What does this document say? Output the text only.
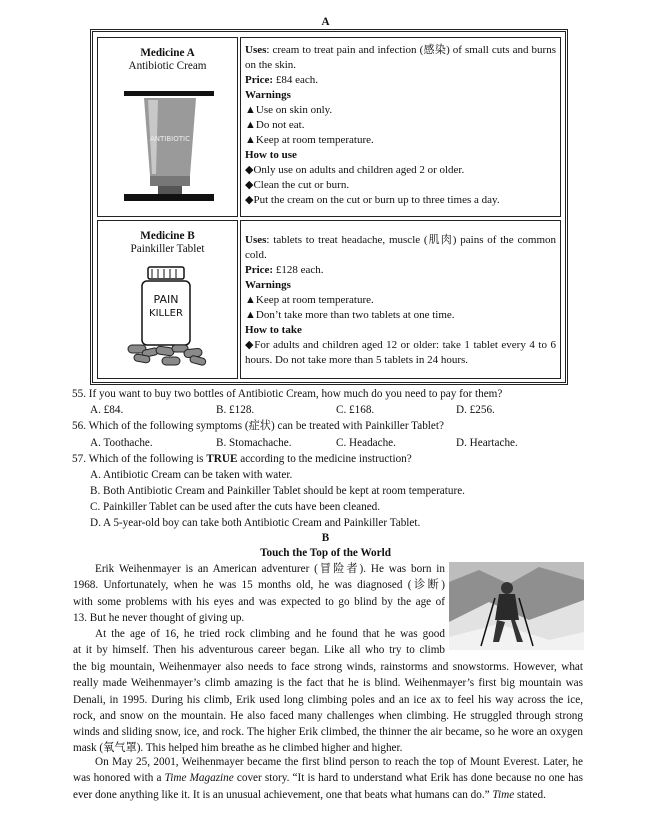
A
Medicine A
Antibiotic Cream
ANTIBIOTIC

Uses: cream to treat pain and infection (感染) of small cuts and burns on the skin.

Price: £84 each.

Warnings

▲Use on skin only.

▲Do not eat.

▲Keep at room temperature.

How to use

◆Only use on adults and children aged 2 or older.

◆Clean the cut or burn.

◆Put the cream on the cut or burn up to three times a day.

Medicine B
Painkiller Tablet
PAIN
KILLER

Uses: tablets to treat headache, muscle (肌肉) pains of the common cold.

Price: £128 each.

Warnings

▲Keep at room temperature.

▲Don’t take more than two tablets at one time.

How to take

◆For adults and children aged 12 or older: take 1 tablet every 4 to 6 hours. Do not take more than 5 tablets in 24 hours.

55. If you want to buy two bottles of Antibiotic Cream, how much do you need to pay for them?
A. £84.	B. £128.	C. £168.	D. £256.
56. Which of the following symptoms (症状) can be treated with Painkiller Tablet?
A. Toothache.	B. Stomachache.	C. Headache.	D. Heartache.
57. Which of the following is TRUE according to the medicine instruction?
A. Antibiotic Cream can be taken with water.
B. Both Antibiotic Cream and Painkiller Tablet should be kept at room temperature.
C. Painkiller Tablet can be used after the cuts have been cleaned.
D. A 5-year-old boy can take both Antibiotic Cream and Painkiller Tablet.
B
Touch the Top of the World
Erik Weihenmayer is an American adventurer (冒险者). He was born in
1968. Unfortunately, when he was 15 months old, he was diagnosed (诊断)
with some problems with his eyes and was expected to go blind by the age of
13. But he never thought of giving up.
At the age of 16, he tried rock climbing and he found that he was good
at it by himself. Then his adventurous career began. Like all who try to climb
the big mountain, Weihenmayer also needs to face strong winds, rainstorms and snowstorms. However, what really made Weihenmayer’s climb amazing is the fact that he is blind. Weihenmayer’s first big mountain was Denali, in 1995. During his climb, Erik used long climbing poles and an ice ax to feel his way across the ice, rock, and snow on the mountain. He also faced many challenges when climbing. He struggled through strong winds and sliding snow, ice, and rock. The higher Erik climbed, the thinner the air became, so he wore an oxygen mask (氧气罩). This helped him breathe as he climbed higher and higher.
On May 25, 2001, Weihenmayer became the first blind person to reach the top of Mount Everest. Later, he was honored with a Time Magazine cover story. “It is hard to understand what Erik has done because no one has ever done anything like it. It is an unusual achievement, one that beats what humans can do.” Time stated.
